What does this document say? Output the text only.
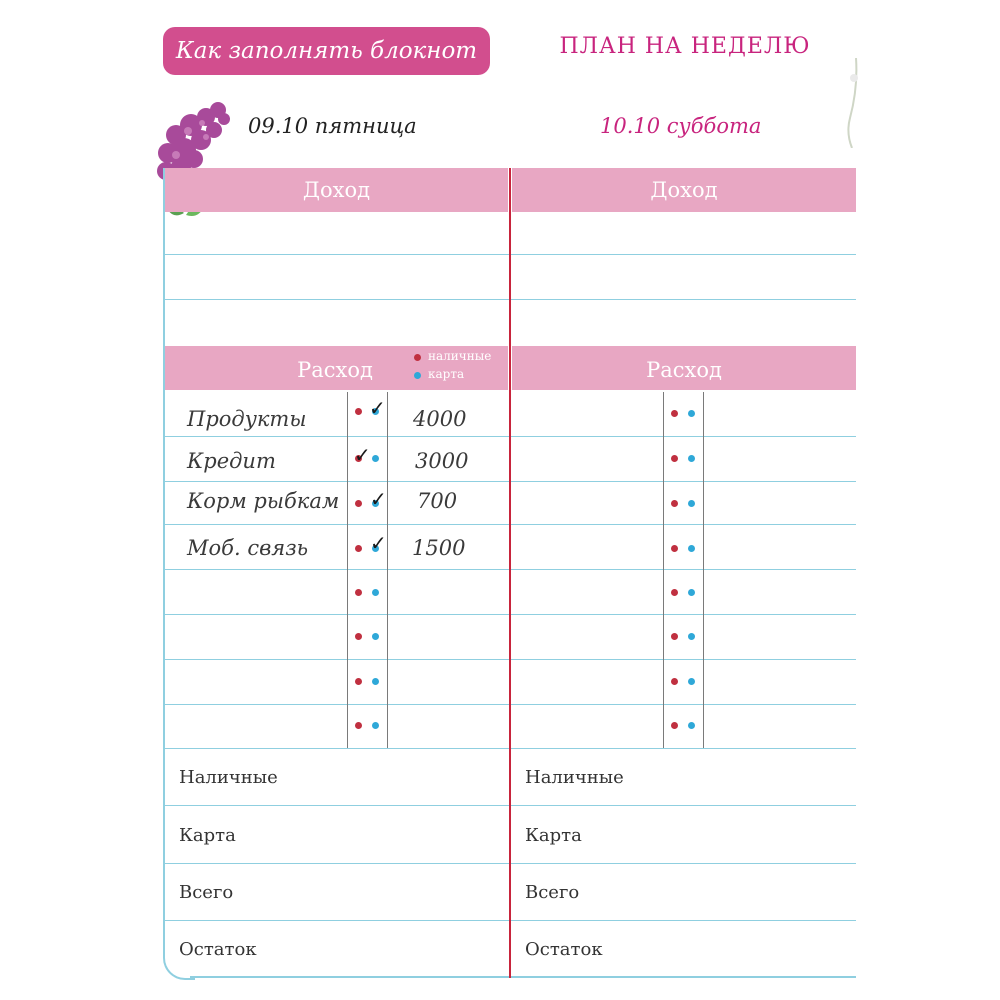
Как заполнять блокнот	ПЛАН НА НЕДЕЛЮ
09.10 пятница	10.10 суббота
Доход	Доход
Расход	Расход
наличные
карта
✓
✓
✓
✓
Продукты	4000
Кредит	3000
Корм рыбкам	700
Моб. связь	1500
Наличные
Карта
Всего
Остаток
Наличные
Карта
Всего
Остаток
